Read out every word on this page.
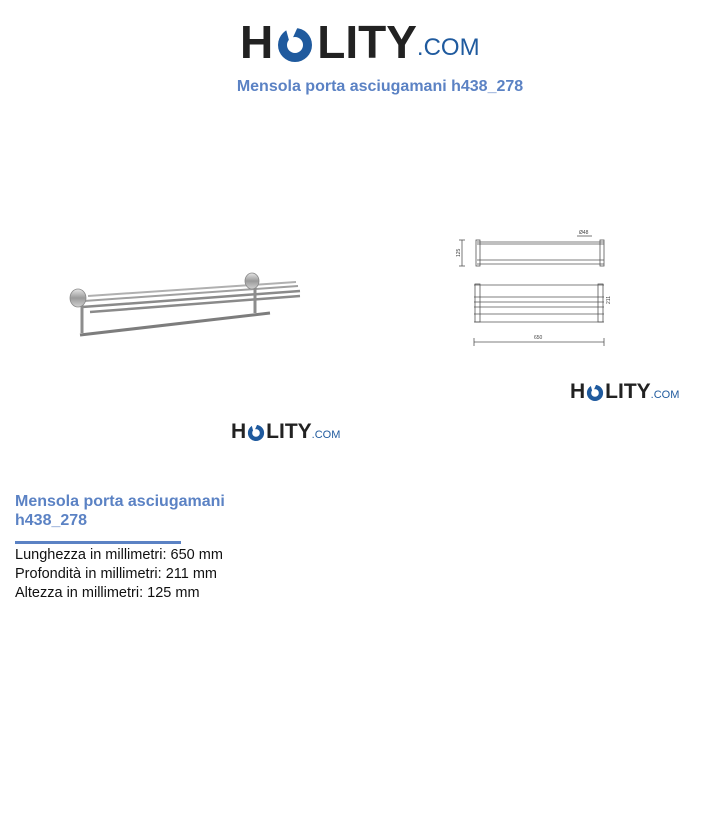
H LITY .COM
Mensola porta asciugamani h438_278
Ø48
125
211
650
H LITY .COM
H LITY .COM
Mensola porta asciugamani
h438_278
Lunghezza in millimetri: 650 mm
Profondità in millimetri: 211 mm
Altezza in millimetri: 125 mm
